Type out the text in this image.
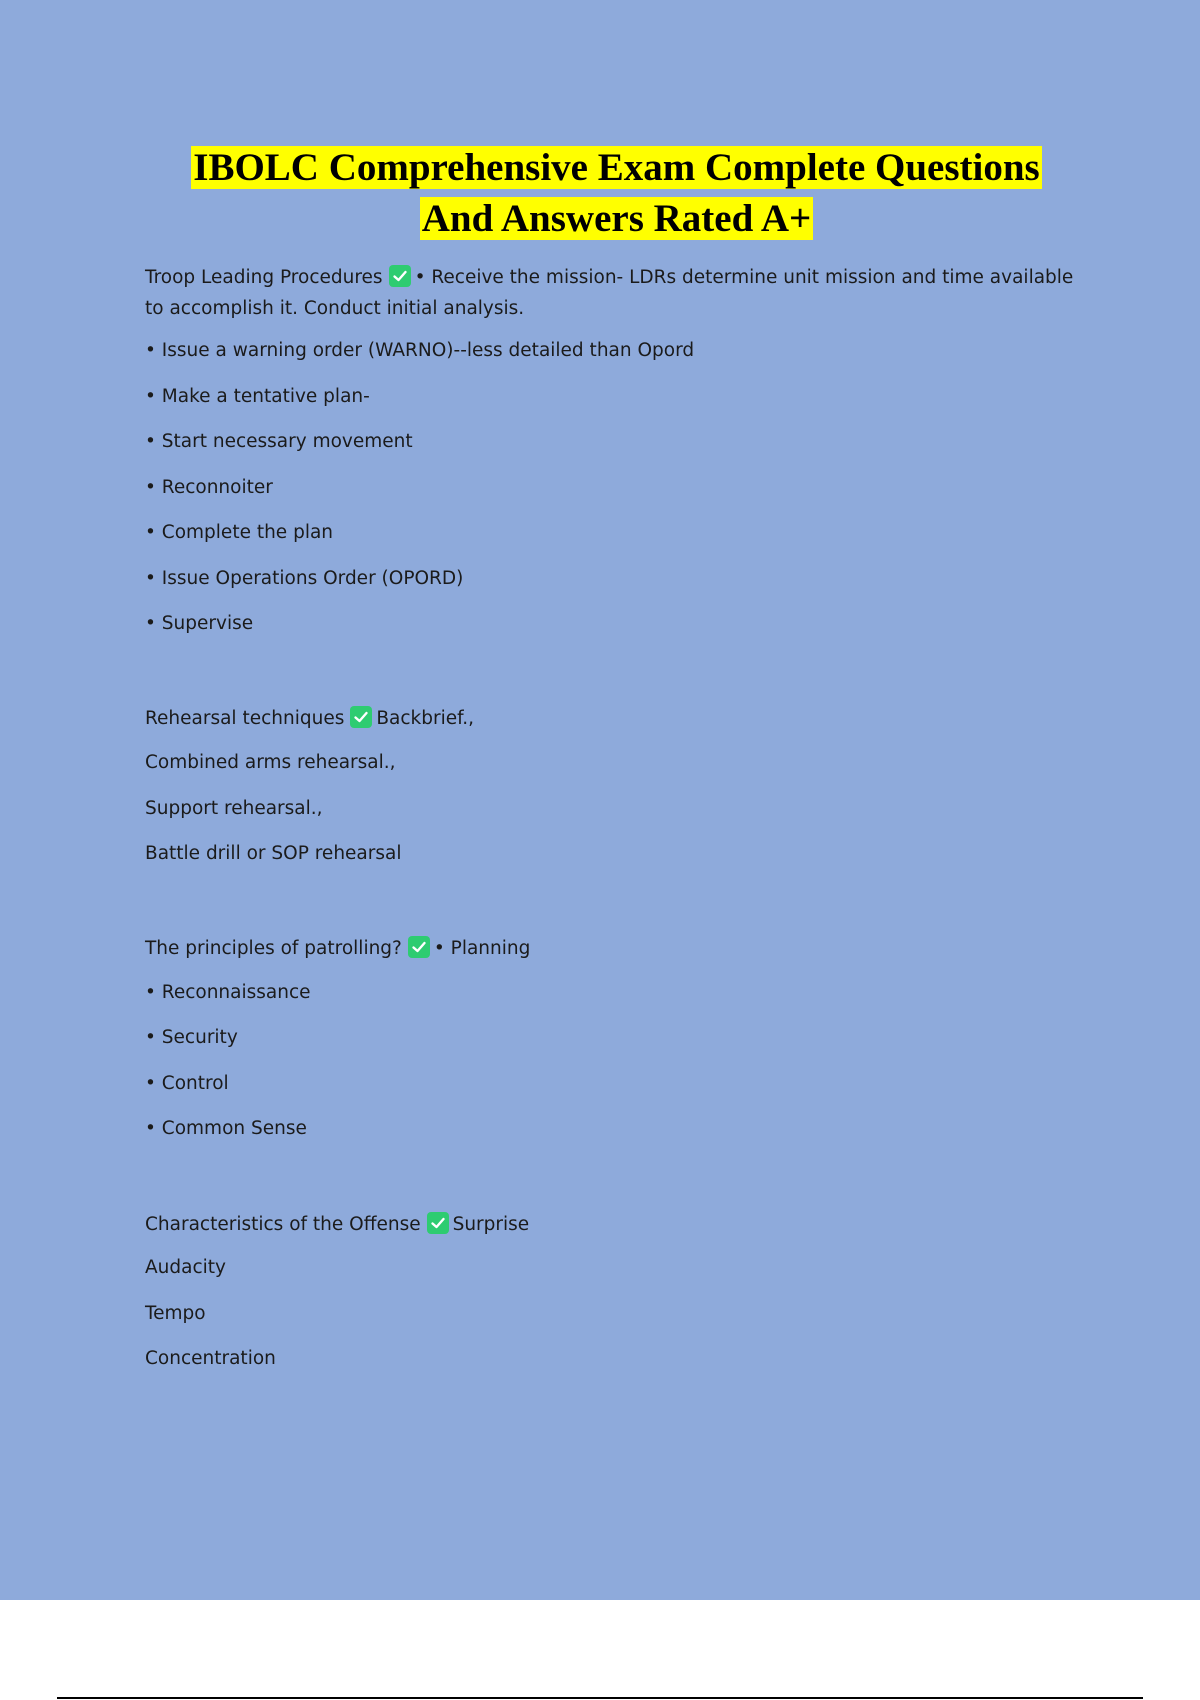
IBOLC Comprehensive Exam Complete Questions
And Answers Rated A+
Troop Leading Procedures • Receive the mission- LDRs determine unit mission and time available to accomplish it. Conduct initial analysis.
• Issue a warning order (WARNO)--less detailed than Opord
• Make a tentative plan-
• Start necessary movement
• Reconnoiter
• Complete the plan
• Issue Operations Order (OPORD)
• Supervise
Rehearsal techniques Backbrief.,
Combined arms rehearsal.,
Support rehearsal.,
Battle drill or SOP rehearsal
The principles of patrolling? • Planning
• Reconnaissance
• Security
• Control
• Common Sense
Characteristics of the Offense Surprise
Audacity
Tempo
Concentration
